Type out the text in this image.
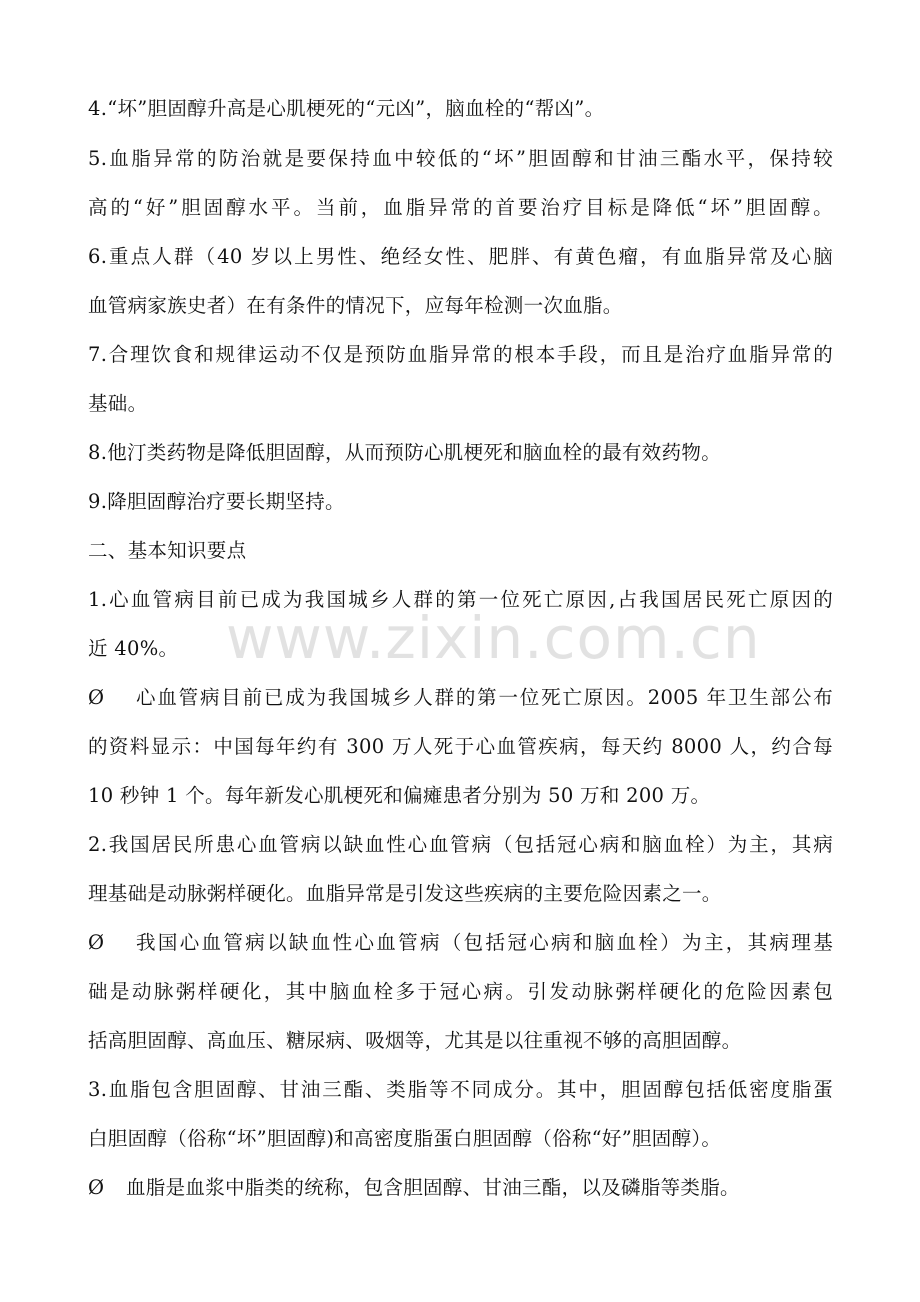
www.zixin.com.cn
4.“坏”胆固醇升高是心肌梗死的“元凶”，脑血栓的“帮凶”。
5.血脂异常的防治就是要保持血中较低的“坏”胆固醇和甘油三酯水平，保持较
高的“好”胆固醇水平。当前，血脂异常的首要治疗目标是降低“坏”胆固醇。
6.重点人群（40 岁以上男性、绝经女性、肥胖、有黄色瘤，有血脂异常及心脑
血管病家族史者）在有条件的情况下，应每年检测一次血脂。
7.合理饮食和规律运动不仅是预防血脂异常的根本手段，而且是治疗血脂异常的
基础。
8.他汀类药物是降低胆固醇，从而预防心肌梗死和脑血栓的最有效药物。
9.降胆固醇治疗要长期坚持。
二、基本知识要点
1.心血管病目前已成为我国城乡人群的第一位死亡原因,占我国居民死亡原因的
近 40%。
Ø	心血管病目前已成为我国城乡人群的第一位死亡原因。2005 年卫生部公布
的资料显示：中国每年约有 300 万人死于心血管疾病，每天约 8000 人，约合每
10 秒钟 1 个。每年新发心肌梗死和偏瘫患者分别为 50 万和 200 万。
2.我国居民所患心血管病以缺血性心血管病（包括冠心病和脑血栓）为主，其病
理基础是动脉粥样硬化。血脂异常是引发这些疾病的主要危险因素之一。
Ø	我国心血管病以缺血性心血管病（包括冠心病和脑血栓）为主，其病理基
础是动脉粥样硬化，其中脑血栓多于冠心病。引发动脉粥样硬化的危险因素包
括高胆固醇、高血压、糖尿病、吸烟等，尤其是以往重视不够的高胆固醇。
3.血脂包含胆固醇、甘油三酯、类脂等不同成分。其中，胆固醇包括低密度脂蛋
白胆固醇（俗称“坏”胆固醇)和高密度脂蛋白胆固醇（俗称“好”胆固醇）。
Ø	血脂是血浆中脂类的统称，包含胆固醇、甘油三酯，以及磷脂等类脂。
